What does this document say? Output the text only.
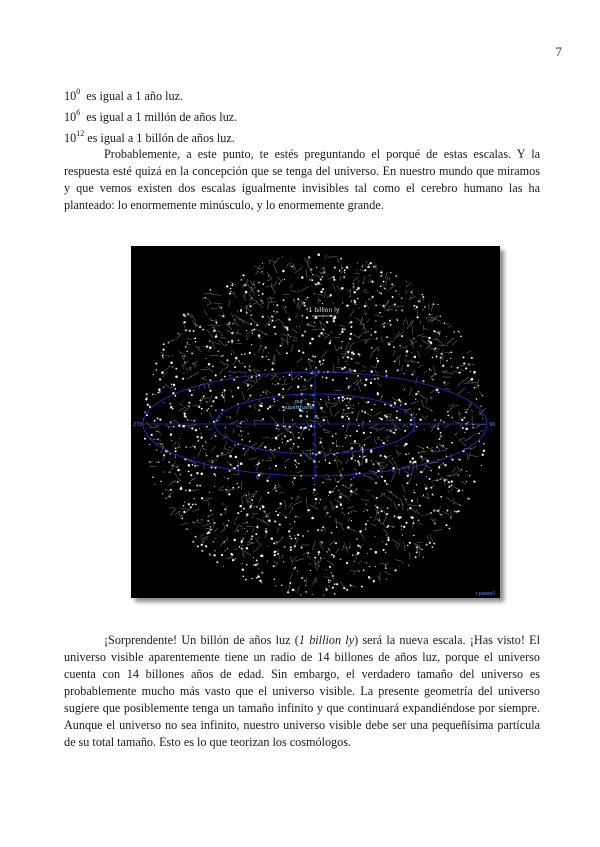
7
$10^0$ es igual a 1 año luz.
$10^6$ es igual a 1 millón de años luz.
$10^{12}$ es igual a 1 billón de años luz.

Probablemente, a este punto, te estés preguntando el porqué de estas escalas. Y la respuesta esté quizá en la concepción que se tenga del universo. En nuestro mundo que miramos y que vemos existen dos escalas igualmente invisibles tal como el cerebro humano las ha planteado: lo enormemente minúsculo, y lo enormemente grande.

1 billion ly
our
supercluster
270	90
0
r.powell

¡Sorprendente! Un billón de años luz (1 billion ly) será la nueva escala. ¡Has visto! El universo visible aparentemente tiene un radio de 14 billones de años luz, porque el universo cuenta con 14 billones años de edad. Sin embargo, el verdadero tamaño del universo es probablemente mucho más vasto que el universo visible. La presente geometría del universo sugiere que posiblemente tenga un tamaño infinito y que continuará expandiéndose por siempre. Aunque el universo no sea infinito, nuestro universo visible debe ser una pequeñísima partícula de su total tamaño. Esto es lo que teorizan los cosmólogos.
